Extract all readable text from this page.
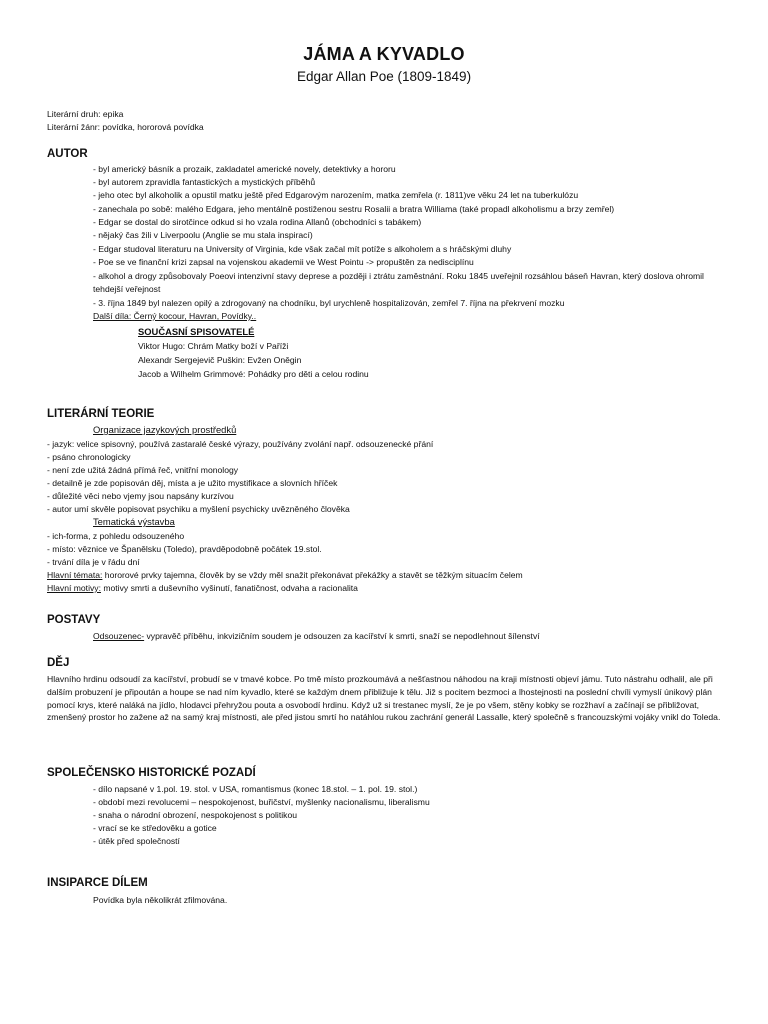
JÁMA A KYVADLO
Edgar Allan Poe (1809-1849)
Literární druh: epika
Literární žánr: povídka, hororová povídka
AUTOR
- byl americký básník a prozaik, zakladatel americké novely, detektivky a hororu
- byl autorem zpravidla fantastických a mystických příběhů
- jeho otec byl alkoholik a opustil matku ještě před Edgarovým narozením, matka zemřela (r. 1811)ve věku 24 let na tuberkulózu
- zanechala po sobě: malého Edgara, jeho mentálně postiženou sestru Rosalii a bratra Williama (také propadl alkoholismu a brzy zemřel)
- Edgar se dostal do sirotčince odkud si ho vzala rodina Allanů (obchodníci s tabákem)
- nějaký čas žili v Liverpoolu (Anglie se mu stala inspirací)
- Edgar studoval literaturu na University of Virginia, kde však začal mít potíže s alkoholem a s hráčskými dluhy
- Poe se ve finanční krizi zapsal na vojenskou akademii ve West Pointu -> propuštěn za nedisciplínu
- alkohol a drogy způsobovaly Poeovi intenzivní stavy deprese a později i ztrátu zaměstnání. Roku 1845 uveřejnil rozsáhlou báseň Havran, který doslova ohromil tehdejší veřejnost
- 3. října 1849 byl nalezen opilý a zdrogovaný na chodníku, byl urychleně hospitalizován, zemřel 7. října na překrvení mozku
Další díla: Černý kocour, Havran, Povídky..
SOUČASNÍ SPISOVATELÉ
Viktor Hugo: Chrám Matky boží v Paříži
Alexandr Sergejevič Puškin: Evžen Oněgin
Jacob a Wilhelm Grimmové: Pohádky pro děti a celou rodinu
LITERÁRNÍ TEORIE
Organizace jazykových prostředků
- jazyk: velice spisovný, používá zastaralé české výrazy, používány zvolání např. odsouzenecké přání
- psáno chronologicky
- není zde užitá žádná přímá řeč, vnitřní monology
- detailně je zde popisován děj, místa a je užito mystifikace a slovních hříček
- důležité věci nebo vjemy jsou napsány kurzívou
- autor umí skvěle popisovat psychiku a myšlení psychicky uvězněného člověka
Tematická výstavba
- ich-forma, z pohledu odsouzeného
- místo: věznice ve Španělsku (Toledo), pravděpodobně počátek 19.stol.
- trvání díla je v řádu dní
Hlavní témata: hororové prvky tajemna, člověk by se vždy měl snažit překonávat překážky a stavět se těžkým situacím čelem
Hlavní motivy: motivy smrti a duševního vyšinutí, fanatičnost, odvaha a racionalita
POSTAVY
Odsouzenec- vypravěč příběhu, inkvizičním soudem je odsouzen za kacířství k smrti, snaží se nepodlehnout šílenství
DĚJ
Hlavního hrdinu odsoudí za kacířství, probudí se v tmavé kobce. Po tmě místo prozkoumává a nešťastnou náhodou na kraji místnosti objeví jámu. Tuto nástrahu odhalil, ale při dalším probuzení je připoután a houpe se nad ním kyvadlo, které se každým dnem přibližuje k tělu. Již s pocitem bezmoci a lhostejnosti na poslední chvíli vymyslí únikový plán pomocí krys, které naláká na jídlo, hlodavci přehryžou pouta a osvobodí hrdinu. Když už si trestanec myslí, že je po všem, stěny kobky se rozžhaví a začínají se přibližovat, zmenšený prostor ho zažene až na samý kraj místnosti, ale před jistou smrtí ho natáhlou rukou zachrání generál Lassalle, který společně s francouzskými vojáky vnikl do Toleda.
SPOLEČENSKO HISTORICKÉ POZADÍ
- dílo napsané v 1.pol. 19. stol. v USA, romantismus (konec 18.stol. – 1. pol. 19. stol.)
- období mezi revolucemi – nespokojenost, buřičství, myšlenky nacionalismu, liberalismu
- snaha o národní obrození, nespokojenost s politikou
- vrací se ke středověku a gotice
- útěk před společností
INSIPARCE DÍLEM
Povídka byla několikrát zfilmována.
